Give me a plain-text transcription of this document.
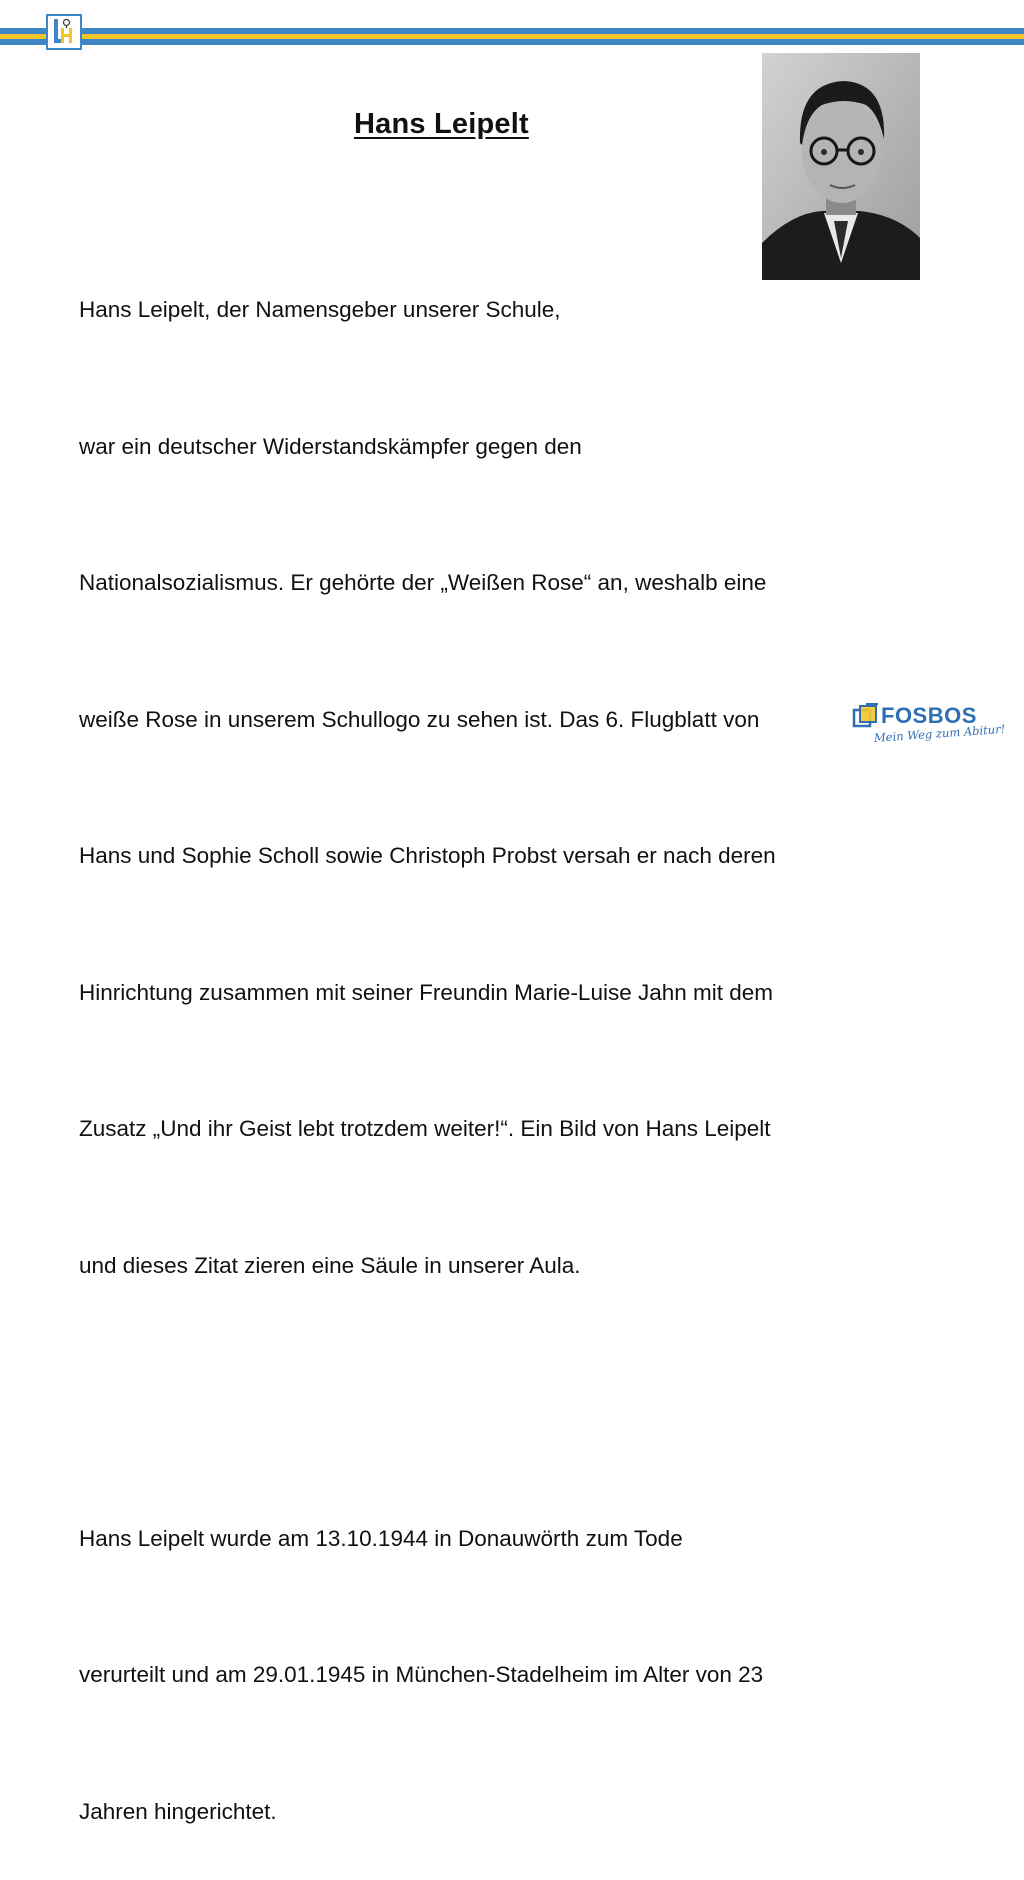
Hans Leipelt

Hans Leipelt, der Namensgeber unserer Schule,

war ein deutscher Widerstandskämpfer gegen den

Nationalsozialismus. Er gehörte der „Weißen Rose“ an, weshalb eine

weiße Rose in unserem Schullogo zu sehen ist. Das 6. Flugblatt von

Hans und Sophie Scholl sowie Christoph Probst versah er nach deren

Hinrichtung zusammen mit seiner Freundin Marie-Luise Jahn mit dem

Zusatz „Und ihr Geist lebt trotzdem weiter!“. Ein Bild von Hans Leipelt

und dieses Zitat zieren eine Säule in unserer Aula.

Hans Leipelt wurde am 13.10.1944 in Donauwörth zum Tode

verurteilt und am 29.01.1945 in München-Stadelheim im Alter von 23

Jahren hingerichtet.

FOSBOS
Mein Weg zum Abitur!
